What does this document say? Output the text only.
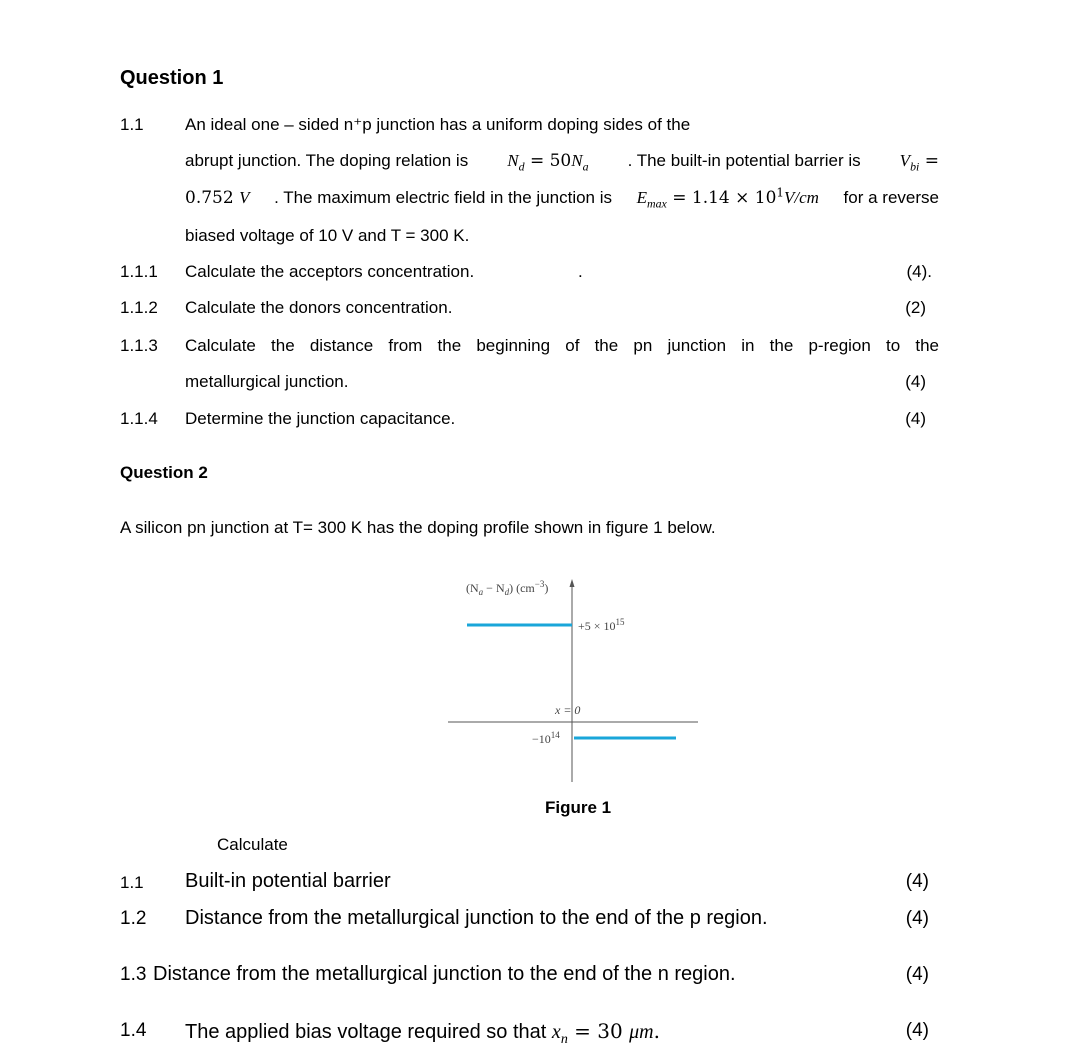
Question 1
1.1 An ideal one – sided n⁺p junction has a uniform doping sides of the
abrupt junction. The doping relation is $N_d = 50N_a$ . The built-in potential barrier is $V_{bi}$ =
0.752 V . The maximum electric field in the junction is $E_{max} = 1.14 \times 10^1V/cm$ for a reverse
biased voltage of 10 V and T = 300 K.
1.1.1 Calculate the acceptors concentration.	.	(4).
1.1.2 Calculate the donors concentration.	(2)
1.1.3 Calculate the distance from the beginning of the pn junction in the p-region to the
metallurgical junction.	(4)
1.1.4 Determine the junction capacitance.	(4)
Question 2
A silicon pn junction at T= 300 K has the doping profile shown in figure 1 below.
$(N_a - N_d)$ $(cm^{-3})$
$+5 \times 10^{15}$
x = 0
$-10^{14}$
Figure 1
Calculate
1.1 Built-in potential barrier	(4)
1.2 Distance from the metallurgical junction to the end of the p region.	(4)
1.3 Distance from the metallurgical junction to the end of the n region.	(4)
1.4 The applied bias voltage required so that $x_n = 30$ μm.	(4)
